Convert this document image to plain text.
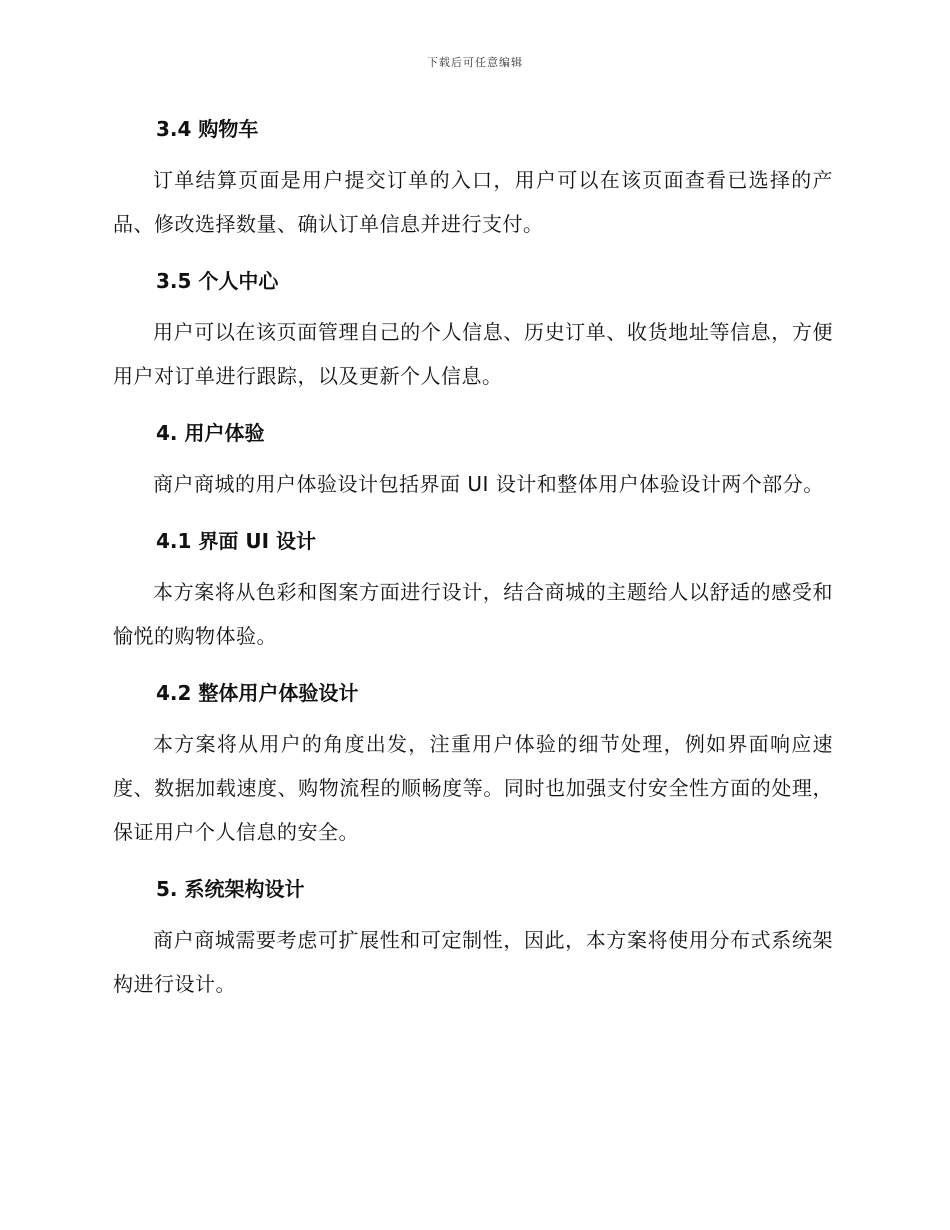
下载后可任意编辑
3.4 购物车

订单结算页面是用户提交订单的入口，用户可以在该页面查看已选择的产品、修改选择数量、确认订单信息并进行支付。

3.5 个人中心

用户可以在该页面管理自己的个人信息、历史订单、收货地址等信息，方便用户对订单进行跟踪，以及更新个人信息。

4. 用户体验

商户商城的用户体验设计包括界面 UI 设计和整体用户体验设计两个部分。

4.1 界面 UI 设计

本方案将从色彩和图案方面进行设计，结合商城的主题给人以舒适的感受和愉悦的购物体验。

4.2 整体用户体验设计

本方案将从用户的角度出发，注重用户体验的细节处理，例如界面响应速度、数据加载速度、购物流程的顺畅度等。同时也加强支付安全性方面的处理，保证用户个人信息的安全。

5. 系统架构设计

商户商城需要考虑可扩展性和可定制性，因此，本方案将使用分布式系统架构进行设计。
